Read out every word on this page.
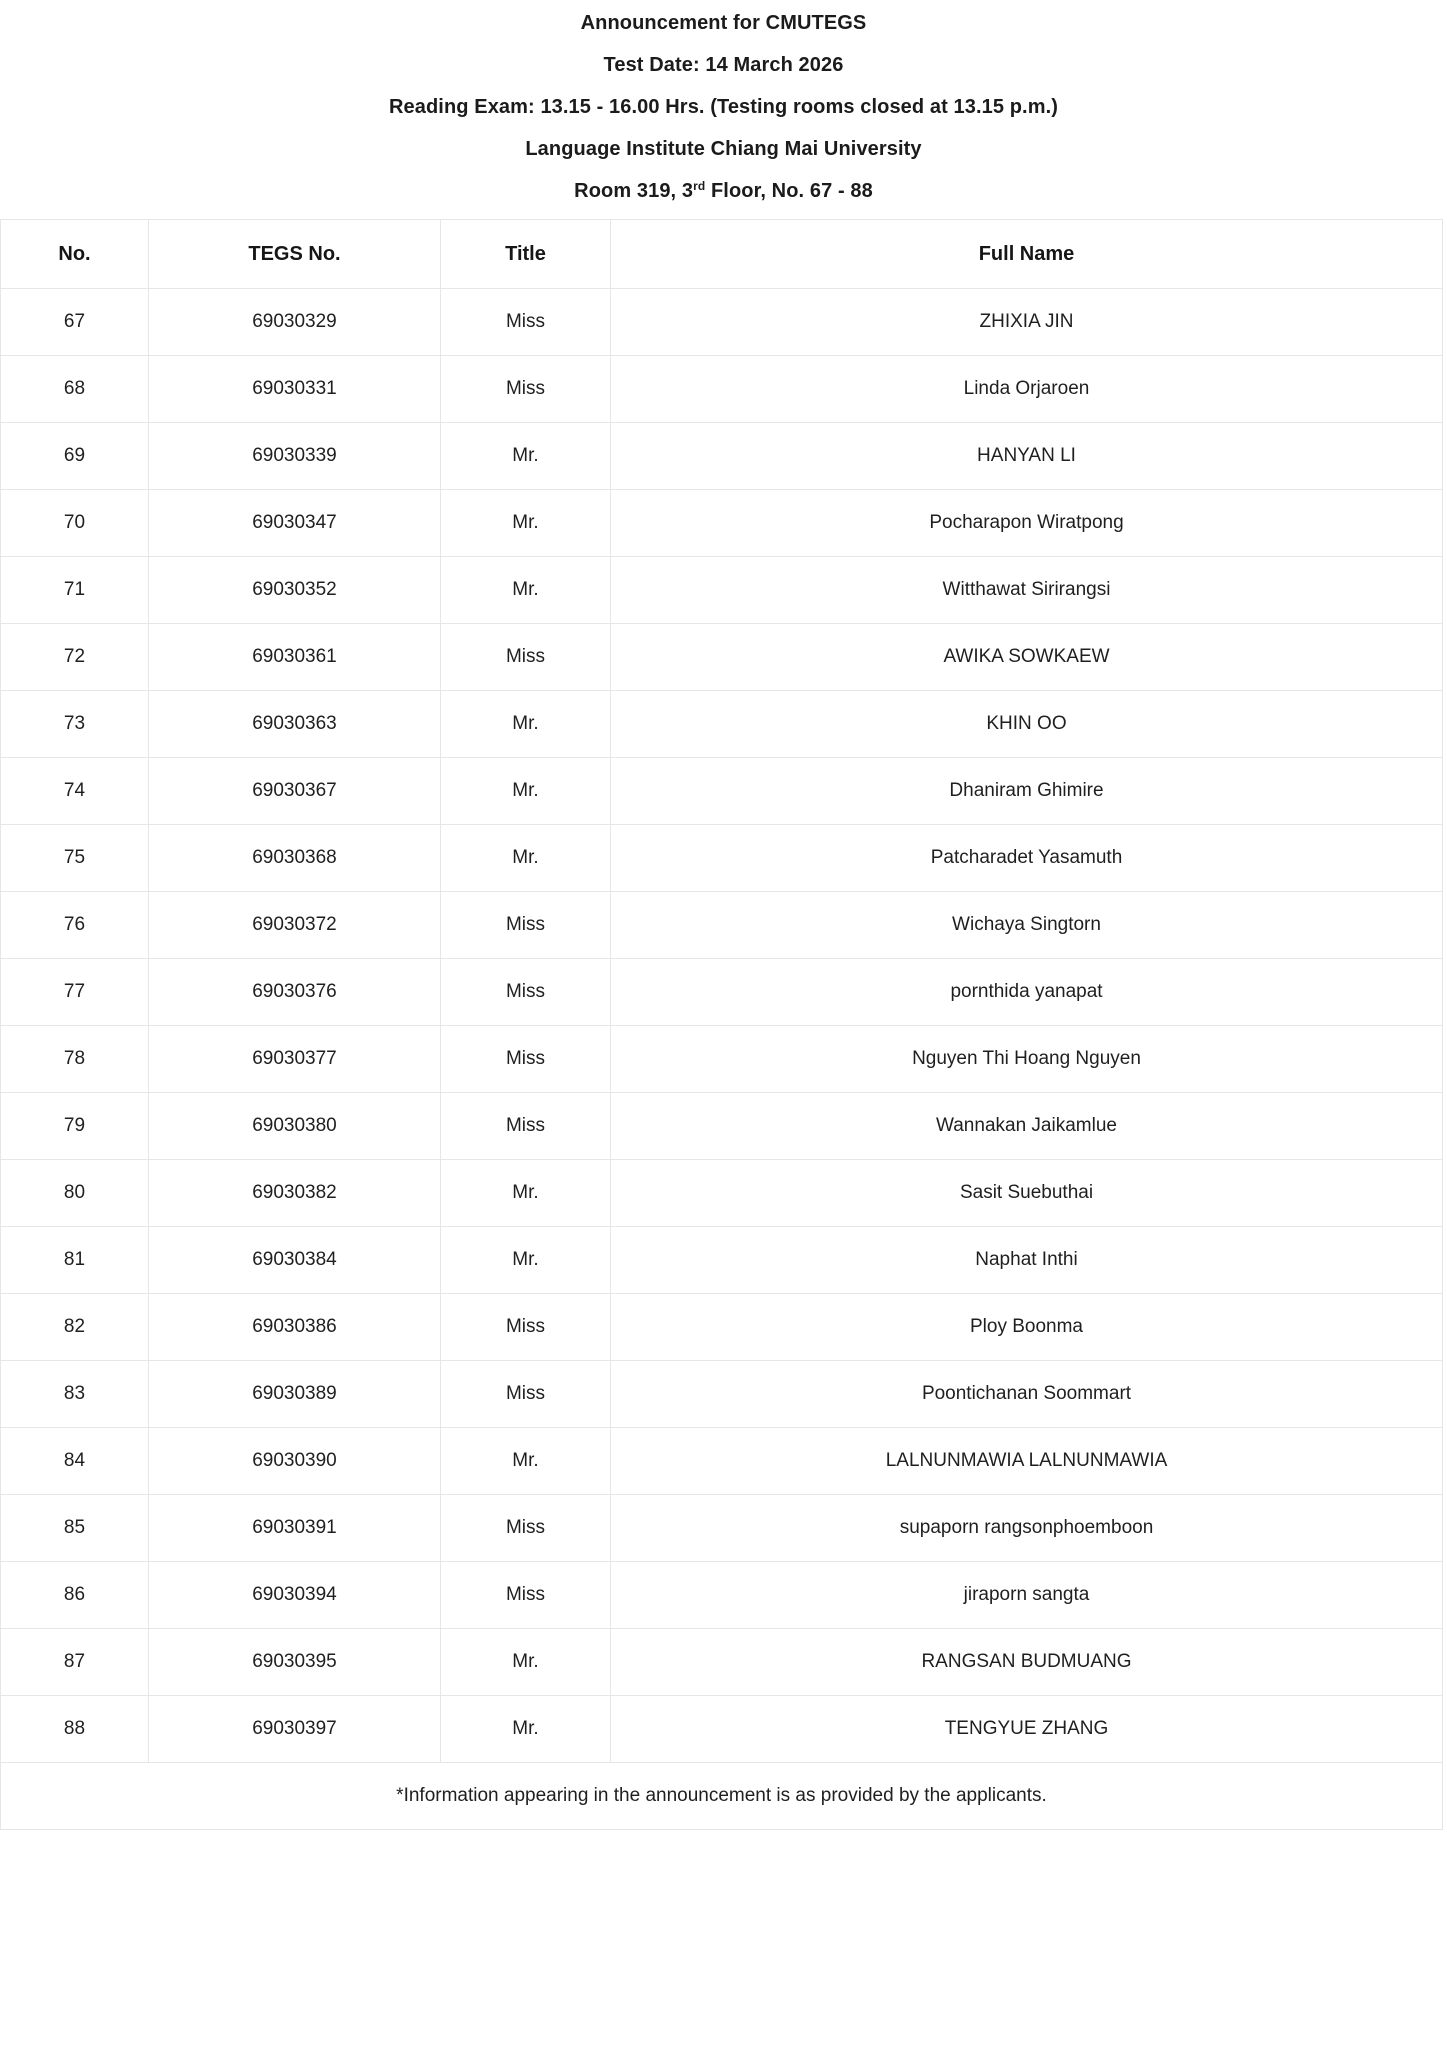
Announcement for CMUTEGS
Test Date: 14 March 2026
Reading Exam: 13.15 - 16.00 Hrs. (Testing rooms closed at 13.15 p.m.)
Language Institute Chiang Mai University
Room 319, 3rd Floor, No. 67 - 88
No.	TEGS No.	Title	Full Name
67	69030329	Miss	ZHIXIA JIN
68	69030331	Miss	Linda Orjaroen
69	69030339	Mr.	HANYAN LI
70	69030347	Mr.	Pocharapon Wiratpong
71	69030352	Mr.	Witthawat Sirirangsi
72	69030361	Miss	AWIKA SOWKAEW
73	69030363	Mr.	KHIN OO
74	69030367	Mr.	Dhaniram Ghimire
75	69030368	Mr.	Patcharadet Yasamuth
76	69030372	Miss	Wichaya Singtorn
77	69030376	Miss	pornthida yanapat
78	69030377	Miss	Nguyen Thi Hoang Nguyen
79	69030380	Miss	Wannakan Jaikamlue
80	69030382	Mr.	Sasit Suebuthai
81	69030384	Mr.	Naphat Inthi
82	69030386	Miss	Ploy Boonma
83	69030389	Miss	Poontichanan Soommart
84	69030390	Mr.	LALNUNMAWIA LALNUNMAWIA
85	69030391	Miss	supaporn rangsonphoemboon
86	69030394	Miss	jiraporn sangta
87	69030395	Mr.	RANGSAN BUDMUANG
88	69030397	Mr.	TENGYUE ZHANG
*Information appearing in the announcement is as provided by the applicants.			
